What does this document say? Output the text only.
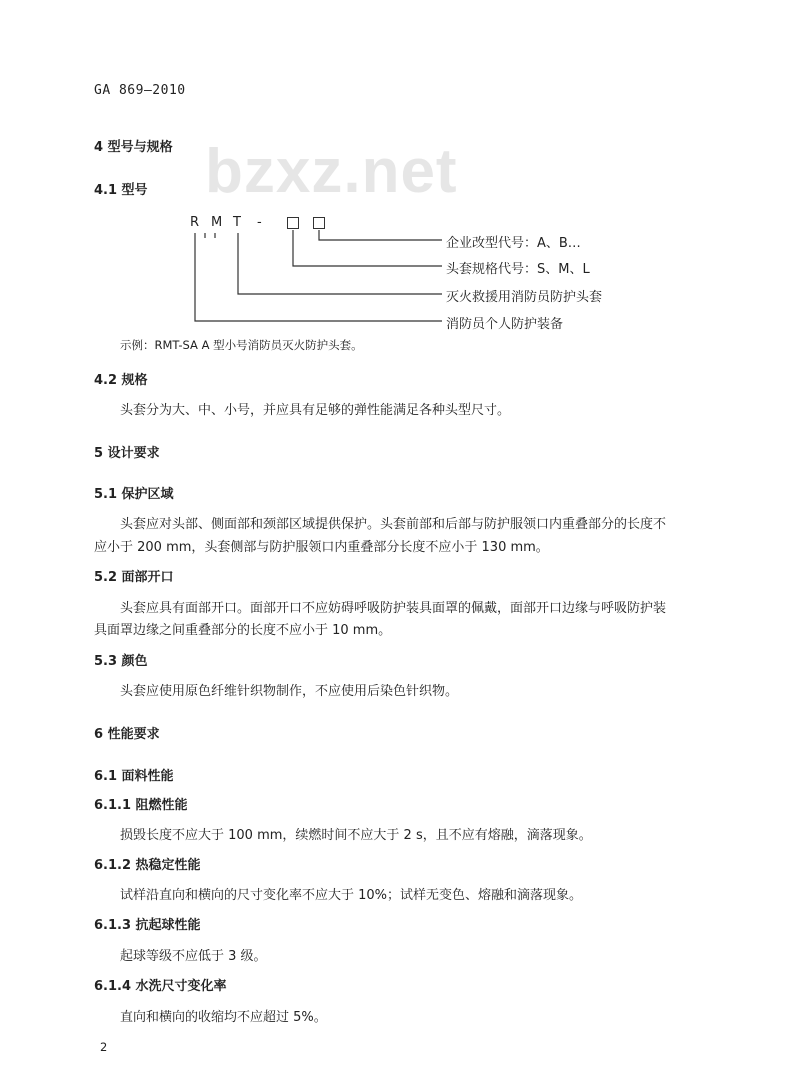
bzxz.net
GA 869—2010
4 型号与规格
4.1 型号
R M T -
企业改型代号：A、B…
头套规格代号：S、M、L
灭火救援用消防员防护头套
消防员个人防护装备
示例：RMT-SA A 型小号消防员灭火防护头套。
4.2 规格
头套分为大、中、小号，并应具有足够的弹性能满足各种头型尺寸。
5 设计要求
5.1 保护区域
头套应对头部、侧面部和颈部区域提供保护。头套前部和后部与防护服领口内重叠部分的长度不
应小于 200 mm，头套侧部与防护服领口内重叠部分长度不应小于 130 mm。
5.2 面部开口
头套应具有面部开口。面部开口不应妨碍呼吸防护装具面罩的佩戴，面部开口边缘与呼吸防护装
具面罩边缘之间重叠部分的长度不应小于 10 mm。
5.3 颜色
头套应使用原色纤维针织物制作，不应使用后染色针织物。
6 性能要求
6.1 面料性能
6.1.1 阻燃性能
损毁长度不应大于 100 mm，续燃时间不应大于 2 s，且不应有熔融，滴落现象。
6.1.2 热稳定性能
试样沿直向和横向的尺寸变化率不应大于 10%；试样无变色、熔融和滴落现象。
6.1.3 抗起球性能
起球等级不应低于 3 级。
6.1.4 水洗尺寸变化率
直向和横向的收缩均不应超过 5%。
2
